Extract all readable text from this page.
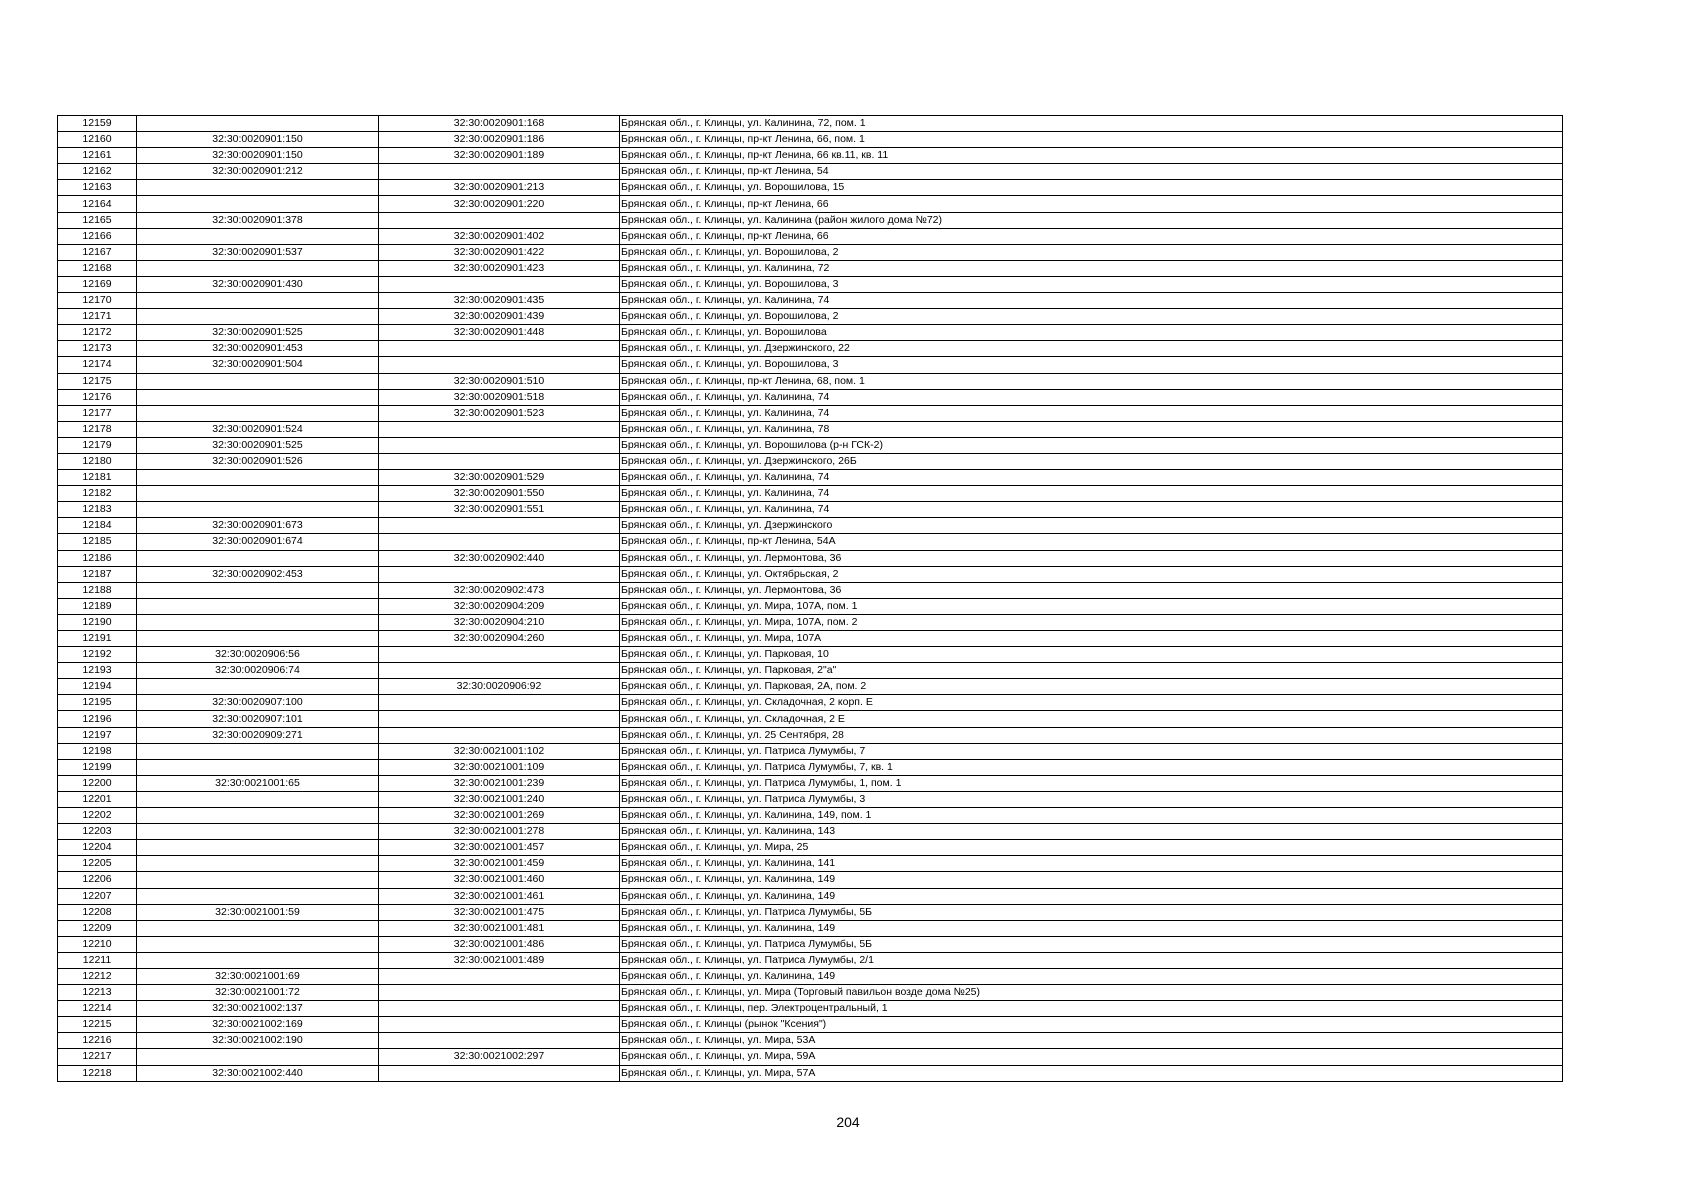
12159		32:30:0020901:168	Брянская обл., г. Клинцы, ул. Калинина, 72, пом. 1
12160	32:30:0020901:150	32:30:0020901:186	Брянская обл., г. Клинцы, пр-кт Ленина, 66, пом. 1
12161	32:30:0020901:150	32:30:0020901:189	Брянская обл., г. Клинцы, пр-кт Ленина, 66 кв.11, кв. 11
12162	32:30:0020901:212		Брянская обл., г. Клинцы, пр-кт Ленина, 54
12163		32:30:0020901:213	Брянская обл., г. Клинцы, ул. Ворошилова, 15
12164		32:30:0020901:220	Брянская обл., г. Клинцы, пр-кт Ленина, 66
12165	32:30:0020901:378		Брянская обл., г. Клинцы, ул. Калинина (район жилого дома №72)
12166		32:30:0020901:402	Брянская обл., г. Клинцы, пр-кт Ленина, 66
12167	32:30:0020901:537	32:30:0020901:422	Брянская обл., г. Клинцы, ул. Ворошилова, 2
12168		32:30:0020901:423	Брянская обл., г. Клинцы, ул. Калинина, 72
12169	32:30:0020901:430		Брянская обл., г. Клинцы, ул. Ворошилова, 3
12170		32:30:0020901:435	Брянская обл., г. Клинцы, ул. Калинина, 74
12171		32:30:0020901:439	Брянская обл., г. Клинцы, ул. Ворошилова, 2
12172	32:30:0020901:525	32:30:0020901:448	Брянская обл., г. Клинцы, ул. Ворошилова
12173	32:30:0020901:453		Брянская обл., г. Клинцы, ул. Дзержинского, 22
12174	32:30:0020901:504		Брянская обл., г. Клинцы, ул. Ворошилова, 3
12175		32:30:0020901:510	Брянская обл., г. Клинцы, пр-кт Ленина, 68, пом. 1
12176		32:30:0020901:518	Брянская обл., г. Клинцы, ул. Калинина, 74
12177		32:30:0020901:523	Брянская обл., г. Клинцы, ул. Калинина, 74
12178	32:30:0020901:524		Брянская обл., г. Клинцы, ул. Калинина, 78
12179	32:30:0020901:525		Брянская обл., г. Клинцы, ул. Ворошилова (р-н ГСК-2)
12180	32:30:0020901:526		Брянская обл., г. Клинцы, ул. Дзержинского, 26Б
12181		32:30:0020901:529	Брянская обл., г. Клинцы, ул. Калинина, 74
12182		32:30:0020901:550	Брянская обл., г. Клинцы, ул. Калинина, 74
12183		32:30:0020901:551	Брянская обл., г. Клинцы, ул. Калинина, 74
12184	32:30:0020901:673		Брянская обл., г. Клинцы, ул. Дзержинского
12185	32:30:0020901:674		Брянская обл., г. Клинцы, пр-кт Ленина, 54А
12186		32:30:0020902:440	Брянская обл., г. Клинцы, ул. Лермонтова, 36
12187	32:30:0020902:453		Брянская обл., г. Клинцы, ул. Октябрьская, 2
12188		32:30:0020902:473	Брянская обл., г. Клинцы, ул. Лермонтова, 36
12189		32:30:0020904:209	Брянская обл., г. Клинцы, ул. Мира, 107А, пом. 1
12190		32:30:0020904:210	Брянская обл., г. Клинцы, ул. Мира, 107А, пом. 2
12191		32:30:0020904:260	Брянская обл., г. Клинцы, ул. Мира, 107А
12192	32:30:0020906:56		Брянская обл., г. Клинцы, ул. Парковая, 10
12193	32:30:0020906:74		Брянская обл., г. Клинцы, ул. Парковая, 2"а"
12194		32:30:0020906:92	Брянская обл., г. Клинцы, ул. Парковая, 2А, пом. 2
12195	32:30:0020907:100		Брянская обл., г. Клинцы, ул. Складочная, 2 корп. Е
12196	32:30:0020907:101		Брянская обл., г. Клинцы, ул. Складочная, 2 Е
12197	32:30:0020909:271		Брянская обл., г. Клинцы, ул. 25 Сентября, 28
12198		32:30:0021001:102	Брянская обл., г. Клинцы, ул. Патриса Лумумбы, 7
12199		32:30:0021001:109	Брянская обл., г. Клинцы, ул. Патриса Лумумбы, 7, кв. 1
12200	32:30:0021001:65	32:30:0021001:239	Брянская обл., г. Клинцы, ул. Патриса Лумумбы, 1, пом. 1
12201		32:30:0021001:240	Брянская обл., г. Клинцы, ул. Патриса Лумумбы, 3
12202		32:30:0021001:269	Брянская обл., г. Клинцы, ул. Калинина, 149, пом. 1
12203		32:30:0021001:278	Брянская обл., г. Клинцы, ул. Калинина, 143
12204		32:30:0021001:457	Брянская обл., г. Клинцы, ул. Мира, 25
12205		32:30:0021001:459	Брянская обл., г. Клинцы, ул. Калинина, 141
12206		32:30:0021001:460	Брянская обл., г. Клинцы, ул. Калинина, 149
12207		32:30:0021001:461	Брянская обл., г. Клинцы, ул. Калинина, 149
12208	32:30:0021001:59	32:30:0021001:475	Брянская обл., г. Клинцы, ул. Патриса Лумумбы, 5Б
12209		32:30:0021001:481	Брянская обл., г. Клинцы, ул. Калинина, 149
12210		32:30:0021001:486	Брянская обл., г. Клинцы, ул. Патриса Лумумбы, 5Б
12211		32:30:0021001:489	Брянская обл., г. Клинцы, ул. Патриса Лумумбы, 2/1
12212	32:30:0021001:69		Брянская обл., г. Клинцы, ул. Калинина, 149
12213	32:30:0021001:72		Брянская обл., г. Клинцы, ул. Мира (Торговый павильон возде дома №25)
12214	32:30:0021002:137		Брянская обл., г. Клинцы, пер. Электроцентральный, 1
12215	32:30:0021002:169		Брянская обл., г. Клинцы (рынок "Ксения")
12216	32:30:0021002:190		Брянская обл., г. Клинцы, ул. Мира, 53А
12217		32:30:0021002:297	Брянская обл., г. Клинцы, ул. Мира, 59А
12218	32:30:0021002:440		Брянская обл., г. Клинцы, ул. Мира, 57А
204
